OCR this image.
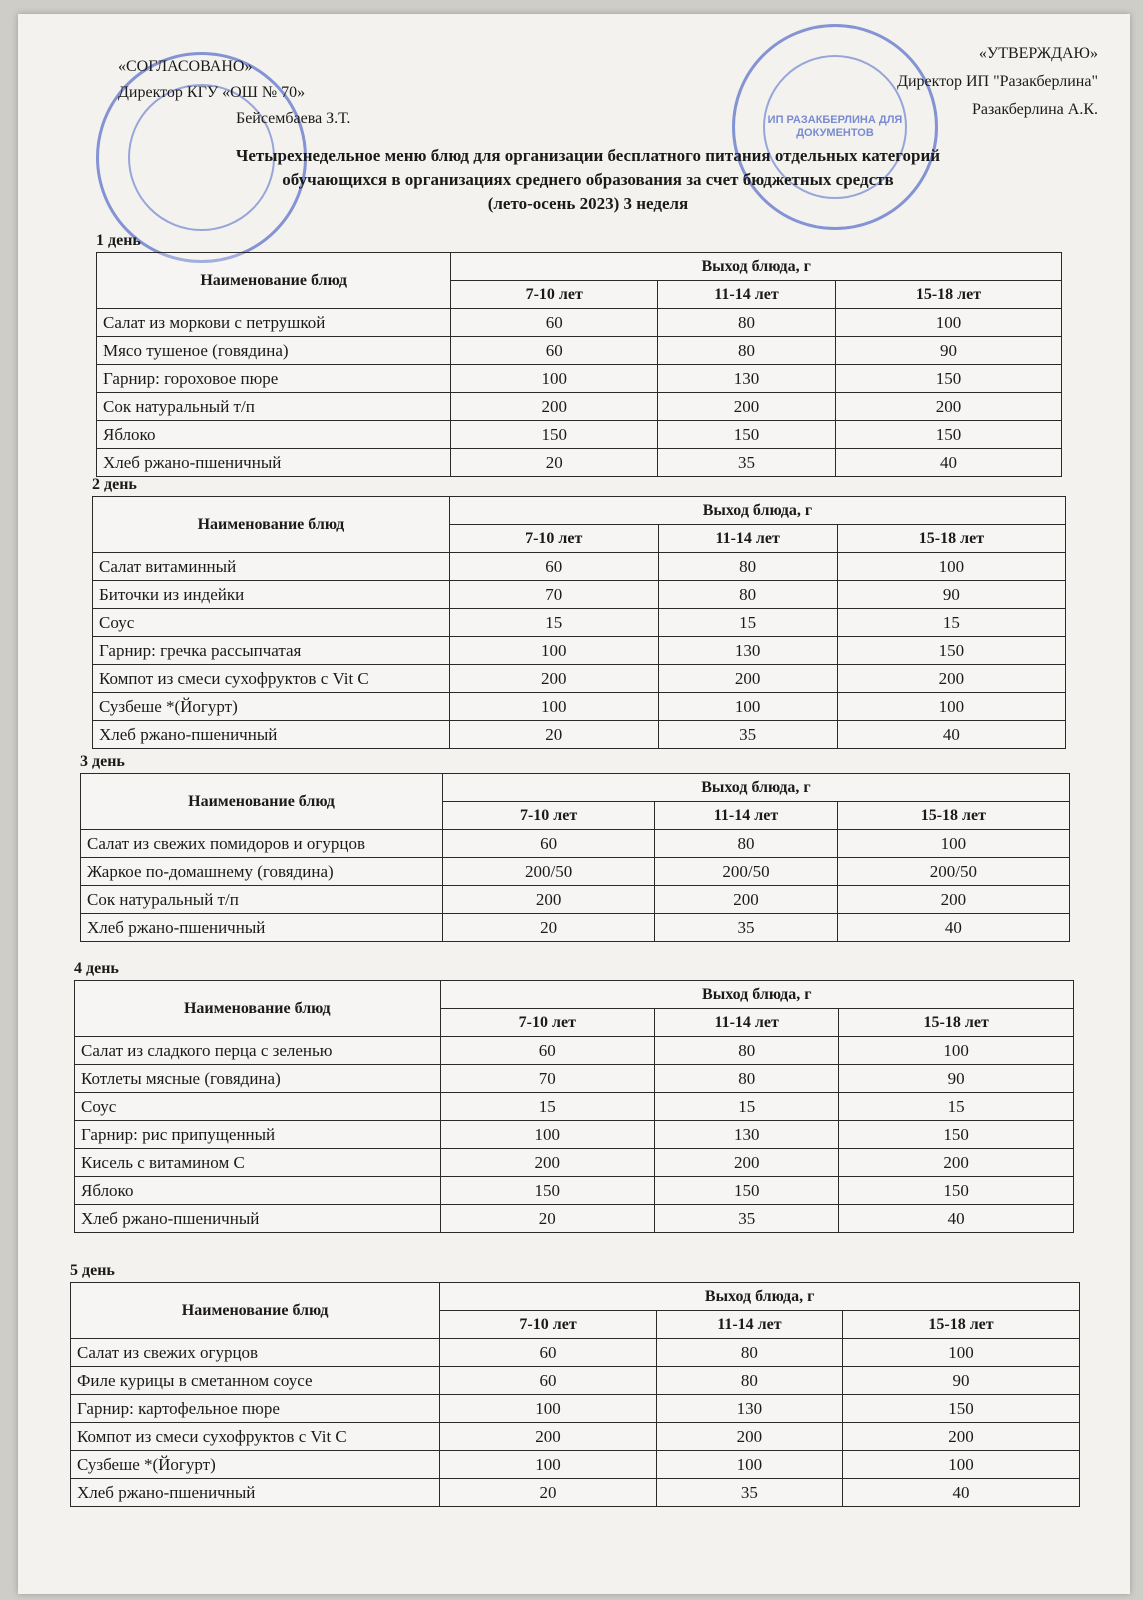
ИП РАЗАКБЕРЛИНА ДЛЯ ДОКУМЕНТОВ
«СОГЛАСОВАНО»
Директор КГУ «ОШ № 70»
Бейсембаева З.Т.
«УТВЕРЖДАЮ»
Директор ИП "Разакберлина"
Разакберлина А.К.
Четырехнедельное меню блюд для организации бесплатного питания отдельных категорий
обучающихся в организациях среднего образования за счет бюджетных средств
(лето-осень 2023) 3 неделя
1 день
Наименование блюд	Выход блюда, г		
	7-10 лет	11-14 лет	15-18 лет
Салат из моркови с петрушкой	60	80	100
Мясо тушеное (говядина)	60	80	90
Гарнир: гороховое пюре	100	130	150
Сок натуральный т/п	200	200	200
Яблоко	150	150	150
Хлеб ржано-пшеничный	20	35	40
2 день
Наименование блюд	Выход блюда, г		
	7-10 лет	11-14 лет	15-18 лет
Салат витаминный	60	80	100
Биточки из индейки	70	80	90
Соус	15	15	15
Гарнир: гречка рассыпчатая	100	130	150
Компот из смеси сухофруктов с Vit C	200	200	200
Сузбеше *(Йогурт)	100	100	100
Хлеб ржано-пшеничный	20	35	40
3 день
Наименование блюд	Выход блюда, г		
	7-10 лет	11-14 лет	15-18 лет
Салат из свежих помидоров и огурцов	60	80	100
Жаркое по-домашнему (говядина)	200/50	200/50	200/50
Сок натуральный т/п	200	200	200
Хлеб ржано-пшеничный	20	35	40
4 день
Наименование блюд	Выход блюда, г		
	7-10 лет	11-14 лет	15-18 лет
Салат из сладкого перца с зеленью	60	80	100
Котлеты мясные (говядина)	70	80	90
Соус	15	15	15
Гарнир: рис припущенный	100	130	150
Кисель с витамином С	200	200	200
Яблоко	150	150	150
Хлеб ржано-пшеничный	20	35	40
5 день
Наименование блюд	Выход блюда, г		
	7-10 лет	11-14 лет	15-18 лет
Салат из свежих огурцов	60	80	100
Филе курицы в сметанном соусе	60	80	90
Гарнир: картофельное пюре	100	130	150
Компот из смеси сухофруктов с Vit C	200	200	200
Сузбеше *(Йогурт)	100	100	100
Хлеб ржано-пшеничный	20	35	40
